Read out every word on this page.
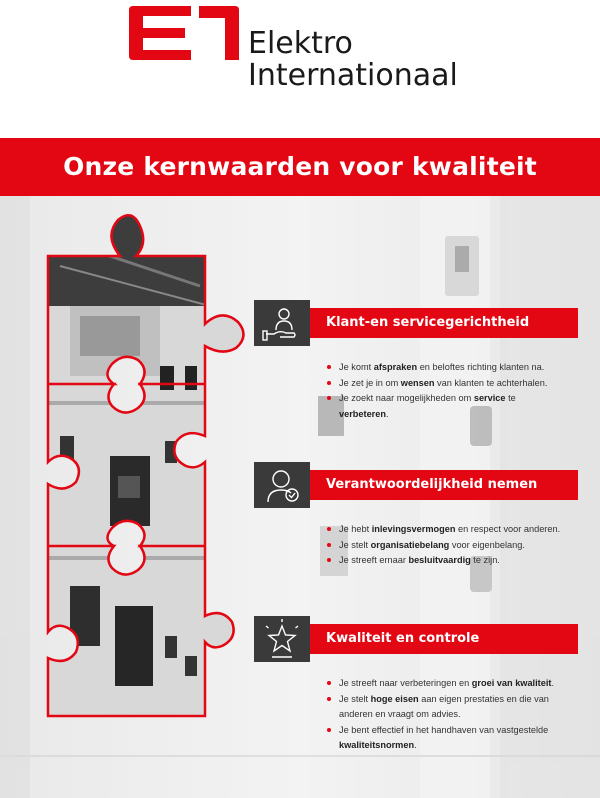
Elektro
Internationaal
Onze kernwaarden voor kwaliteit
Klant-en servicegerichtheid
Je komt afspraken en beloftes richting klanten na.
Je zet je in om wensen van klanten te achterhalen.
Je zoekt naar mogelijkheden om service te verbeteren.
Verantwoordelijkheid nemen
Je hebt inlevingsvermogen en respect voor anderen.
Je stelt organisatiebelang voor eigenbelang.
Je streeft ernaar besluitvaardig te zijn.
Kwaliteit en controle
Je streeft naar verbeteringen en groei van kwaliteit.
Je stelt hoge eisen aan eigen prestaties en die van anderen en vraagt om advies.
Je bent effectief in het handhaven van vastgestelde kwaliteitsnormen.
